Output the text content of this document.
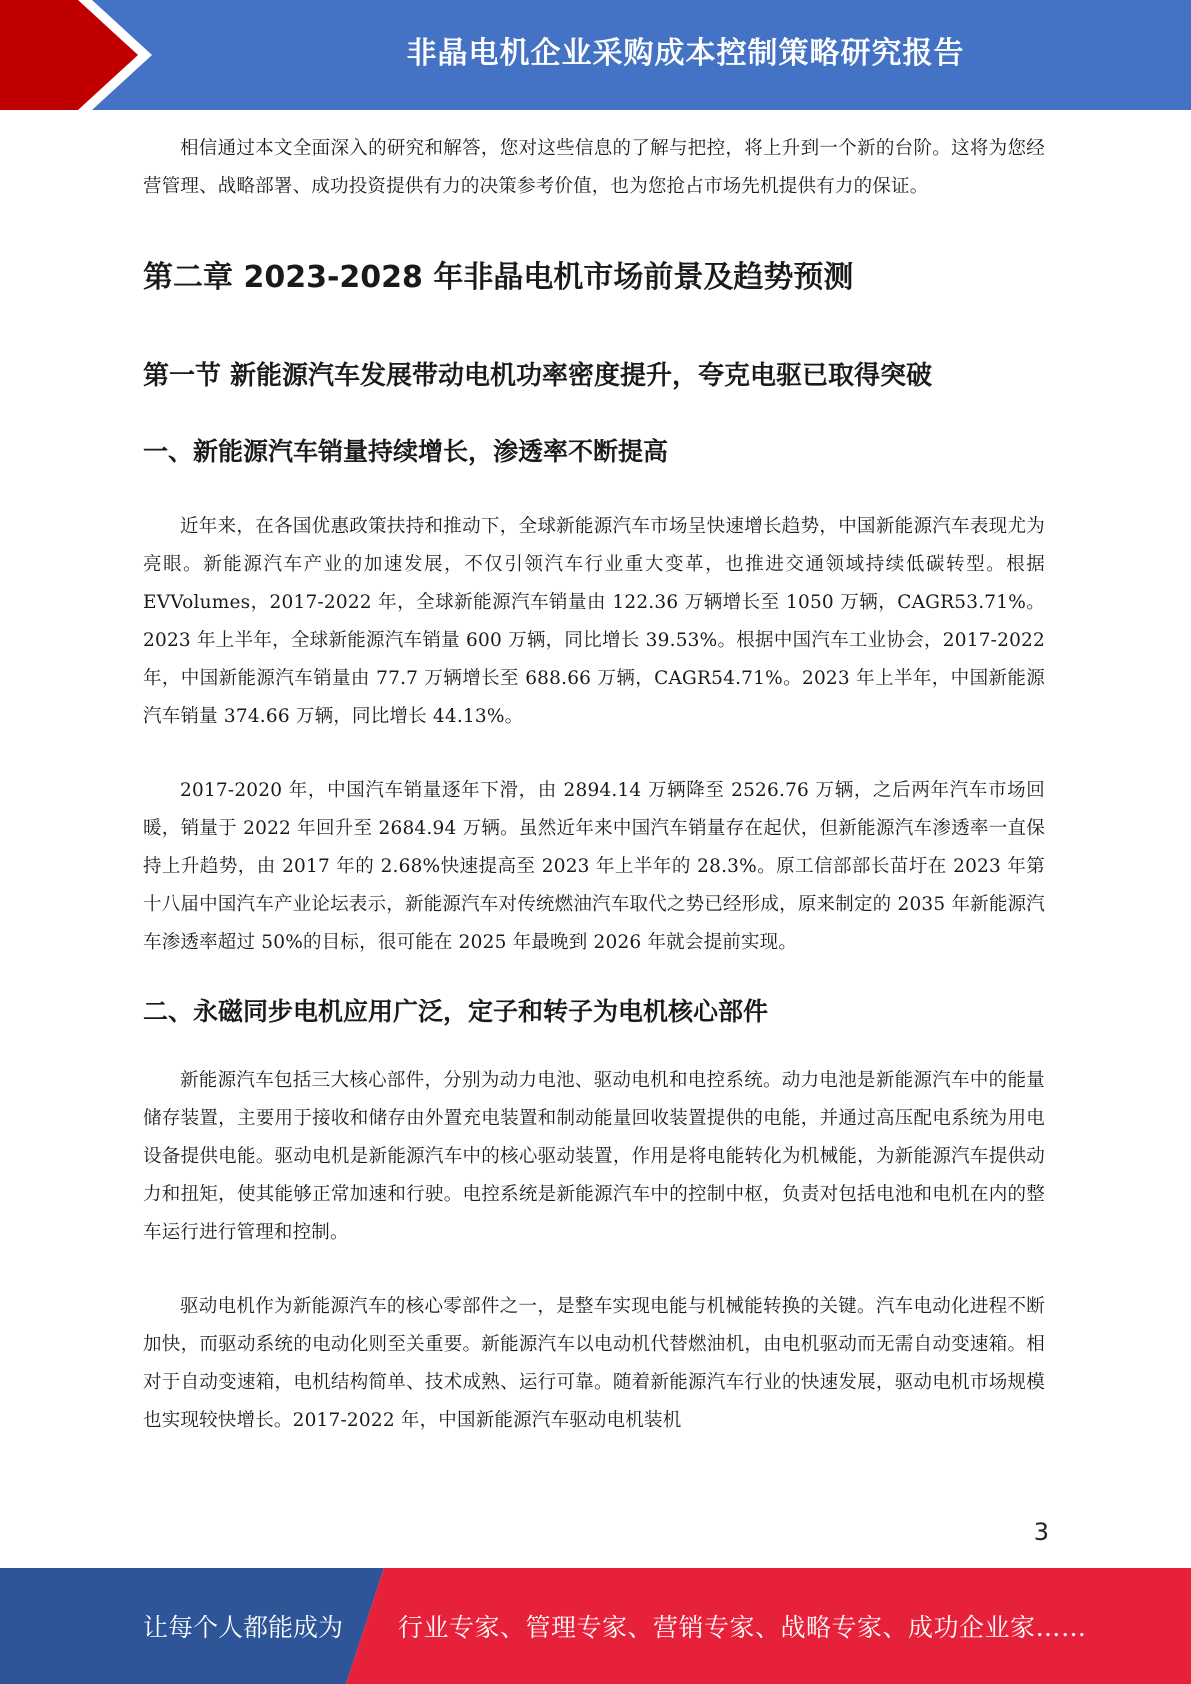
非晶电机企业采购成本控制策略研究报告

相信通过本文全面深入的研究和解答，您对这些信息的了解与把控，将上升到一个新的台阶。这将为您经营管理、战略部署、成功投资提供有力的决策参考价值，也为您抢占市场先机提供有力的保证。

第二章 2023-2028 年非晶电机市场前景及趋势预测
第一节 新能源汽车发展带动电机功率密度提升，夸克电驱已取得突破
一、新能源汽车销量持续增长，渗透率不断提高

近年来，在各国优惠政策扶持和推动下，全球新能源汽车市场呈快速增长趋势，中国新能源汽车表现尤为亮眼。新能源汽车产业的加速发展，不仅引领汽车行业重大变革，也推进交通领域持续低碳转型。根据 EVVolumes，2017-2022 年，全球新能源汽车销量由 122.36 万辆增长至 1050 万辆，CAGR53.71%。2023 年上半年，全球新能源汽车销量 600 万辆，同比增长 39.53%。根据中国汽车工业协会，2017-2022 年，中国新能源汽车销量由 77.7 万辆增长至 688.66 万辆，CAGR54.71%。2023 年上半年，中国新能源汽车销量 374.66 万辆，同比增长 44.13%。

2017-2020 年，中国汽车销量逐年下滑，由 2894.14 万辆降至 2526.76 万辆，之后两年汽车市场回暖，销量于 2022 年回升至 2684.94 万辆。虽然近年来中国汽车销量存在起伏，但新能源汽车渗透率一直保持上升趋势，由 2017 年的 2.68%快速提高至 2023 年上半年的 28.3%。原工信部部长苗圩在 2023 年第十八届中国汽车产业论坛表示，新能源汽车对传统燃油汽车取代之势已经形成，原来制定的 2035 年新能源汽车渗透率超过 50%的目标，很可能在 2025 年最晚到 2026 年就会提前实现。

二、永磁同步电机应用广泛，定子和转子为电机核心部件

新能源汽车包括三大核心部件，分别为动力电池、驱动电机和电控系统。动力电池是新能源汽车中的能量储存装置，主要用于接收和储存由外置充电装置和制动能量回收装置提供的电能，并通过高压配电系统为用电设备提供电能。驱动电机是新能源汽车中的核心驱动装置，作用是将电能转化为机械能，为新能源汽车提供动力和扭矩，使其能够正常加速和行驶。电控系统是新能源汽车中的控制中枢，负责对包括电池和电机在内的整车运行进行管理和控制。

驱动电机作为新能源汽车的核心零部件之一，是整车实现电能与机械能转换的关键。汽车电动化进程不断加快，而驱动系统的电动化则至关重要。新能源汽车以电动机代替燃油机，由电机驱动而无需自动变速箱。相对于自动变速箱，电机结构简单、技术成熟、运行可靠。随着新能源汽车行业的快速发展，驱动电机市场规模也实现较快增长。2017-2022 年，中国新能源汽车驱动电机装机

3
让每个人都能成为 行业专家、管理专家、营销专家、战略专家、成功企业家……
